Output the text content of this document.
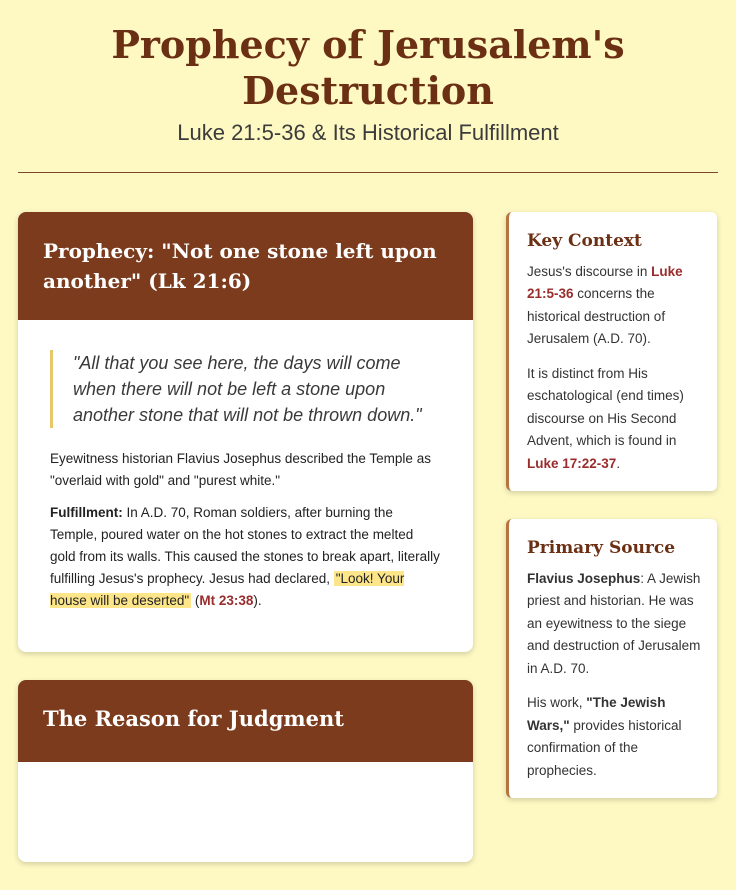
Prophecy of Jerusalem's Destruction
Luke 21:5-36 & Its Historical Fulfillment
Prophecy: "Not one stone left upon another" (Lk 21:6)
"All that you see here, the days will come when there will not be left a stone upon another stone that will not be thrown down."

Eyewitness historian Flavius Josephus described the Temple as "overlaid with gold" and "purest white."

Fulfillment: In A.D. 70, Roman soldiers, after burning the Temple, poured water on the hot stones to extract the melted gold from its walls. This caused the stones to break apart, literally fulfilling Jesus's prophecy. Jesus had declared, "Look! Your house will be deserted" (Mt 23:38).

The Reason for Judgment
Key Context

Jesus's discourse in Luke 21:5-36 concerns the historical destruction of Jerusalem (A.D. 70).

It is distinct from His eschatological (end times) discourse on His Second Advent, which is found in Luke 17:22-37.

Primary Source

Flavius Josephus: A Jewish priest and historian. He was an eyewitness to the siege and destruction of Jerusalem in A.D. 70.

His work, "The Jewish Wars," provides historical confirmation of the prophecies.
